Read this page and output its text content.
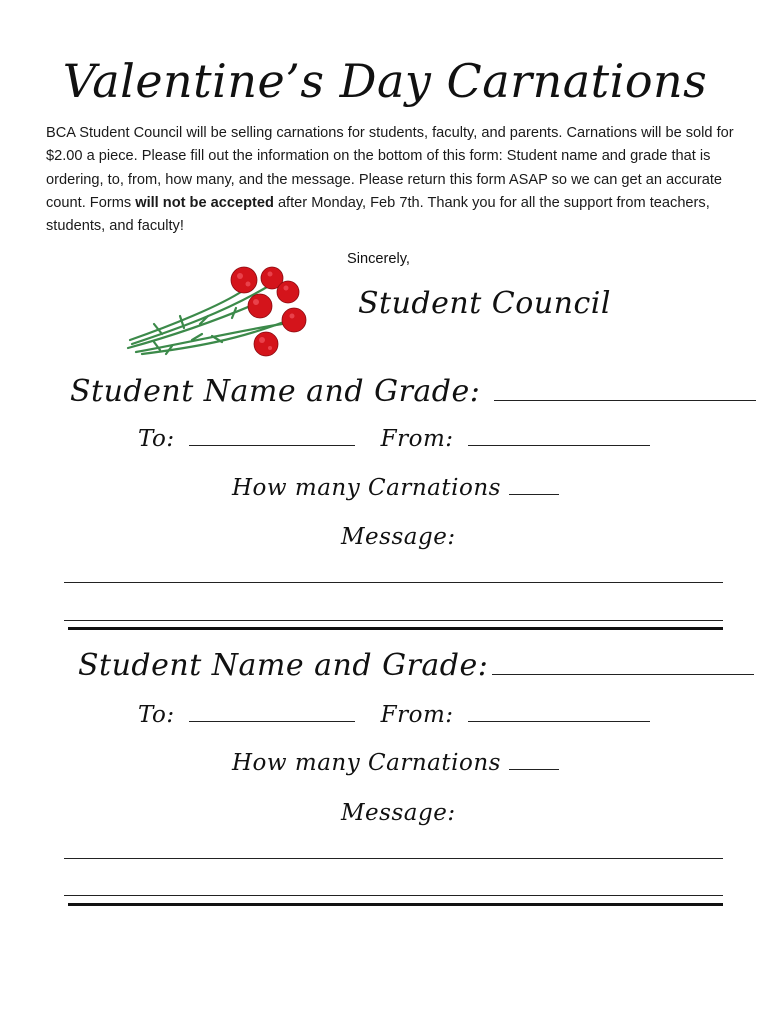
Valentine’s Day Carnations
BCA Student Council will be selling carnations for students, faculty, and parents. Carnations will be sold for $2.00 a piece. Please fill out the information on the bottom of this form: Student name and grade that is ordering, to, from, how many, and the message. Please return this form ASAP so we can get an accurate count. Forms will not be accepted after Monday, Feb 7th. Thank you for all the support from teachers, students, and faculty!
Sincerely,
Student Council
Student Name and Grade:
To:	From:
How many Carnations
Message:
Student Name and Grade:
To:	From:
How many Carnations
Message:
